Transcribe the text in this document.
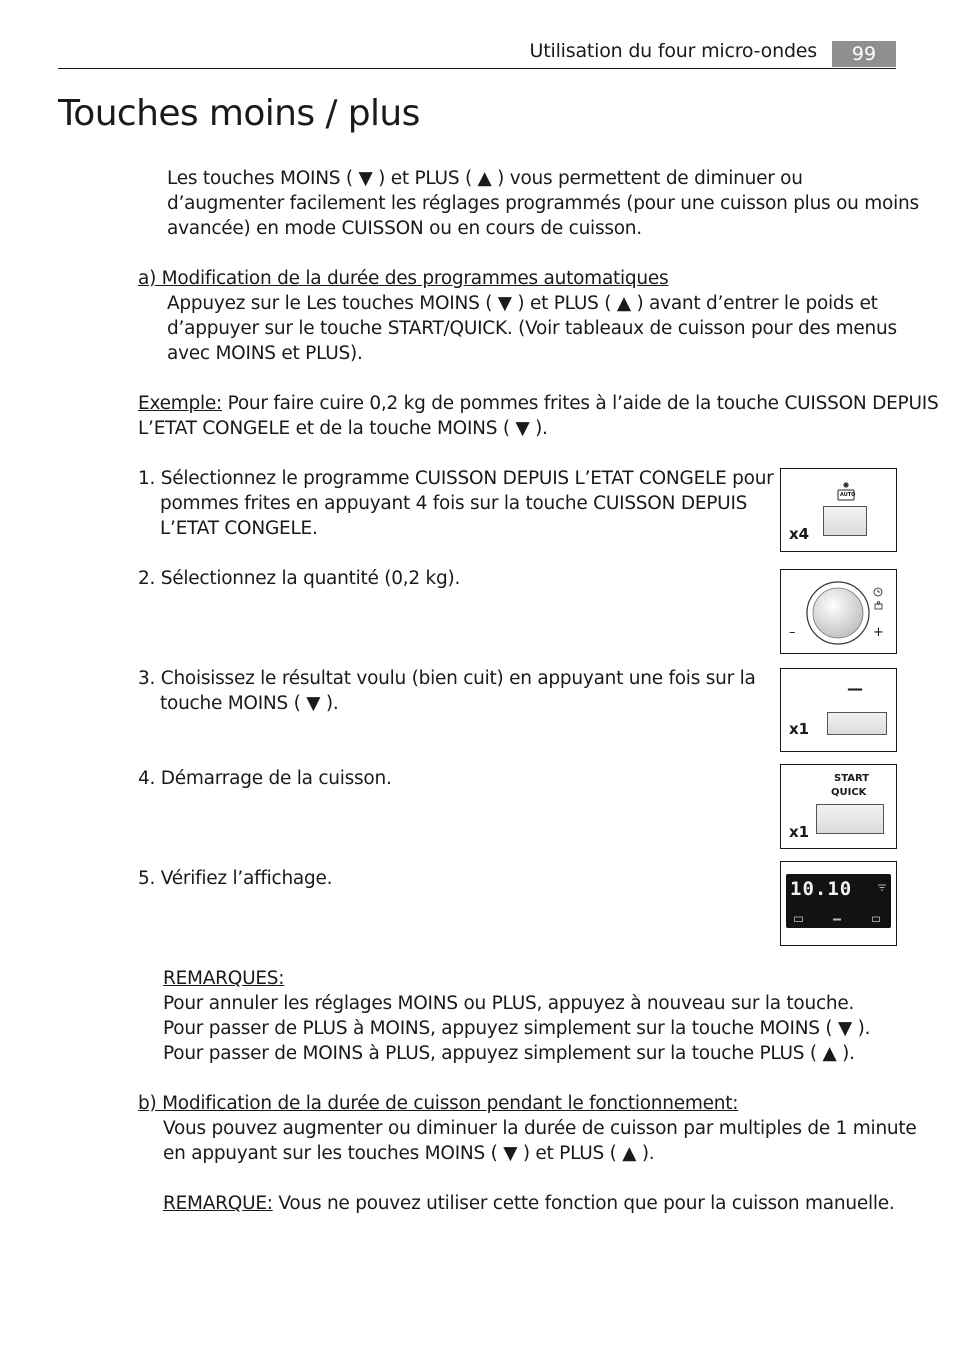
Utilisation du four micro-ondes	99
Touches moins / plus
Les touches MOINS ( ▼ ) et PLUS ( ▲ ) vous permettent de diminuer ou
d’augmenter facilement les réglages programmés (pour une cuisson plus ou moins
avancée) en mode CUISSON ou en cours de cuisson.
a) Modification de la durée des programmes automatiques
Appuyez sur le Les touches MOINS ( ▼ ) et PLUS ( ▲ ) avant d’entrer le poids et
d’appuyer sur le touche START/QUICK. (Voir tableaux de cuisson pour des menus
avec MOINS et PLUS).
Exemple: Pour faire cuire 0,2 kg de pommes frites à l’aide de la touche CUISSON DEPUIS
L’ETAT CONGELE et de la touche MOINS ( ▼ ).
1. Sélectionnez le programme CUISSON DEPUIS L’ETAT CONGELE pour
pommes frites en appuyant 4 fois sur la touche CUISSON DEPUIS
L’ETAT CONGELE.
2. Sélectionnez la quantité (0,2 kg).
3. Choisissez le résultat voulu (bien cuit) en appuyant une fois sur la
touche MOINS ( ▼ ).
4. Démarrage de la cuisson.
5. Vérifiez l’affichage.
AUTO
x4
–	+
—
x1
START
QUICK
x1
10.10
REMARQUES:
Pour annuler les réglages MOINS ou PLUS, appuyez à nouveau sur la touche.
Pour passer de PLUS à MOINS, appuyez simplement sur la touche MOINS ( ▼ ).
Pour passer de MOINS à PLUS, appuyez simplement sur la touche PLUS ( ▲ ).
b) Modification de la durée de cuisson pendant le fonctionnement:
Vous pouvez augmenter ou diminuer la durée de cuisson par multiples de 1 minute
en appuyant sur les touches MOINS ( ▼ ) et PLUS ( ▲ ).
REMARQUE: Vous ne pouvez utiliser cette fonction que pour la cuisson manuelle.
